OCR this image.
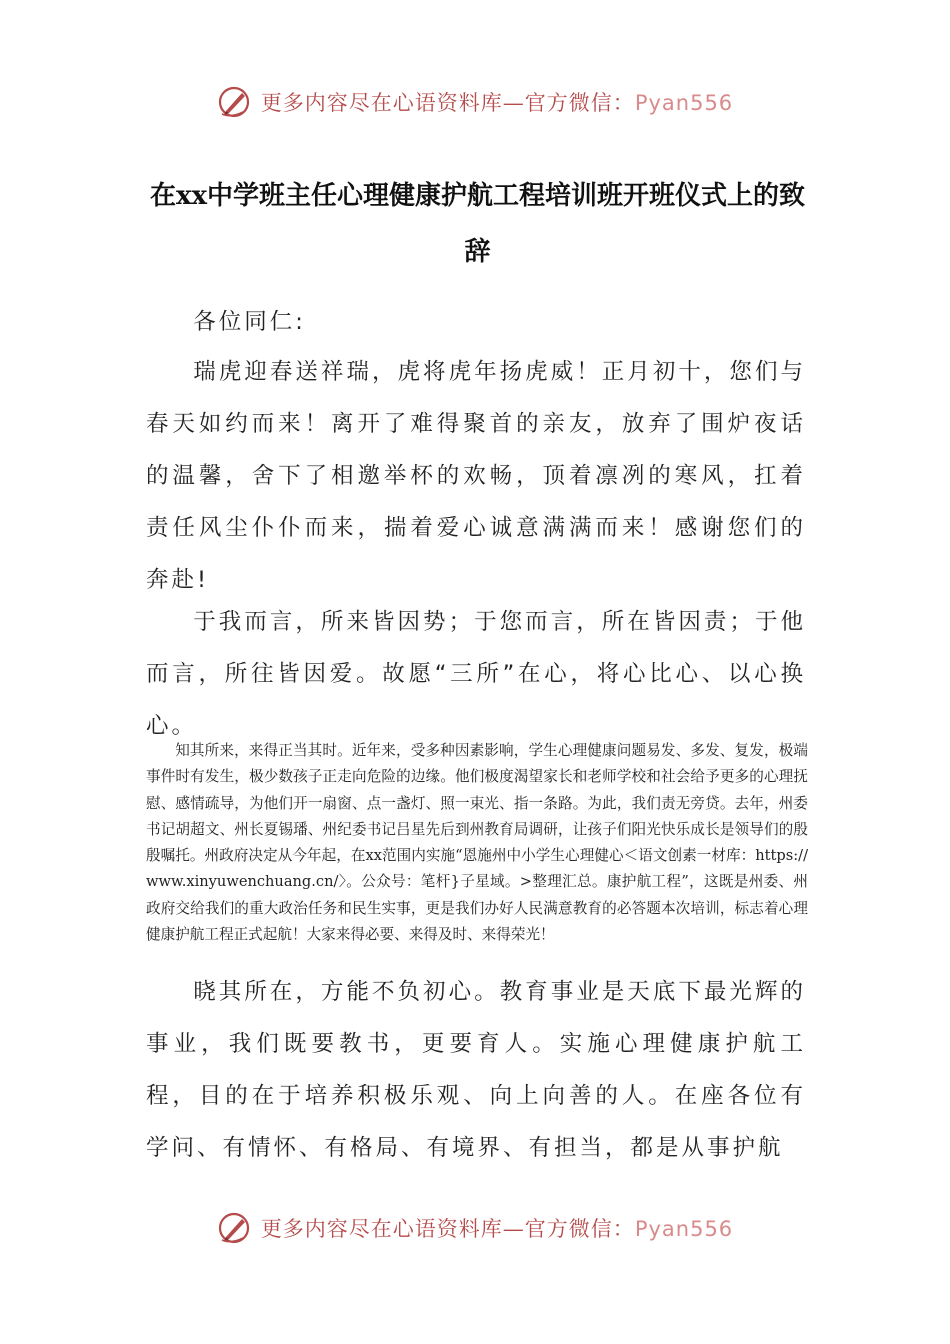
更多内容尽在心语资料库—官方微信：Pyan556
在xx中学班主任心理健康护航工程培训班开班仪式上的致辞

各位同仁:

瑞虎迎春送祥瑞，虎将虎年扬虎威！正月初十，您们与春天如约而来！离开了难得聚首的亲友，放弃了围炉夜话的温馨，舍下了相邀举杯的欢畅，顶着凛冽的寒风，扛着责任风尘仆仆而来，揣着爱心诚意满满而来！感谢您们的奔赴!

于我而言，所来皆因势；于您而言，所在皆因责；于他而言，所往皆因爱。故愿“三所”在心，将心比心、以心换心。

知其所来，来得正当其时。近年来，受多种因素影响，学生心理健康问题易发、多发、复发，极端事件时有发生，极少数孩子正走向危险的边缘。他们极度渴望家长和老师学校和社会给予更多的心理抚慰、感情疏导，为他们开一扇窗、点一盏灯、照一束光、指一条路。为此，我们责无旁贷。去年，州委书记胡超文、州长夏锡璠、州纪委书记吕星先后到州教育局调研，让孩子们阳光快乐成长是领导们的殷殷嘱托。州政府决定从今年起，在xx范围内实施“恩施州中小学生心理健心＜语文创素一材库：https://www.xinyuwenchuang.cn/〉。公众号：笔杆}子星域。>整理汇总。康护航工程”，这既是州委、州政府交给我们的重大政治任务和民生实事，更是我们办好人民满意教育的必答题本次培训，标志着心理健康护航工程正式起航！大家来得必要、来得及时、来得荣光！

晓其所在，方能不负初心。教育事业是天底下最光辉的事业，我们既要教书，更要育人。实施心理健康护航工程，目的在于培养积极乐观、向上向善的人。在座各位有学问、有情怀、有格局、有境界、有担当，都是从事护航

更多内容尽在心语资料库—官方微信：Pyan556
